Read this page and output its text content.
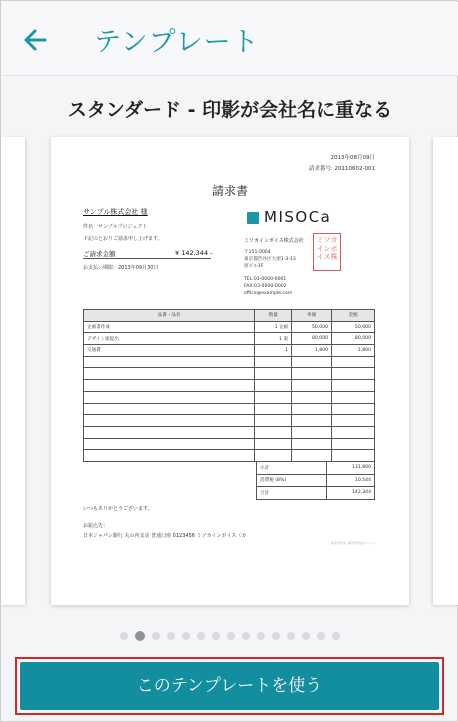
テンプレート
スタンダード - 印影が会社名に重なる
2013年08月09日
請求番号: 20110602-001
請求書
サンプル株式会社 様
件名：サンプルプロジェクト
下記のとおりご請求申し上げます。
ご請求金額	¥ 142,344 -
お支払い期限：2013年09月30日
MISOCa
ミソカインボイス株式会社
〒151-0064
東京都渋谷区大須1-3-13
原ビル1F
TEL:03-0000-0001
FAX:03-0000-0002
office@example.com
ミソカ インボ イス株
品番・品名	数量	単価	金額
企画書作成	1 企画	50,000	50,000
デザイン案提出	1 案	80,000	80,000
交通費	1	1,800	1,800

小計	131,800
消費税 (8%)	10,544
合計	142,344
いつもありがとうございます。
お振込先：
日本ジャパン銀行 丸の内支店 普通口座 0123456 ミソカインボイス（カ
請求書作成: 請求書作成サービス
このテンプレートを使う
